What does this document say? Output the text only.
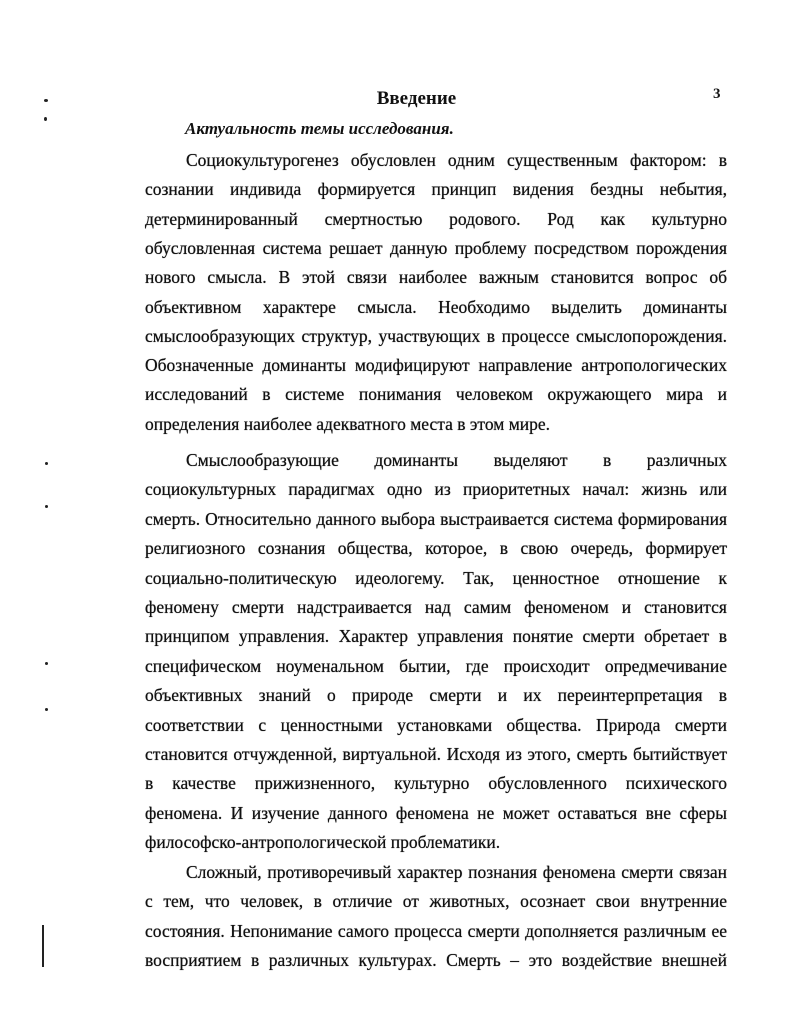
3
Введение
Актуальность темы исследования.
Социокультурогенез обусловлен одним существенным фактором: в
сознании индивида формируется принцип видения бездны небытия,
детерминированный смертностью родового. Род как культурно
обусловленная система решает данную проблему посредством порождения
нового смысла. В этой связи наиболее важным становится вопрос об
объективном характере смысла. Необходимо выделить доминанты
смыслообразующих структур, участвующих в процессе смыслопорождения.
Обозначенные доминанты модифицируют направление антропологических
исследований в системе понимания человеком окружающего мира и
определения наиболее адекватного места в этом мире.
Смыслообразующие доминанты выделяют в различных
социокультурных парадигмах одно из приоритетных начал: жизнь или
смерть. Относительно данного выбора выстраивается система формирования
религиозного сознания общества, которое, в свою очередь, формирует
социально-политическую идеологему. Так, ценностное отношение к
феномену смерти надстраивается над самим феноменом и становится
принципом управления. Характер управления понятие смерти обретает в
специфическом ноуменальном бытии, где происходит опредмечивание
объективных знаний о природе смерти и их переинтерпретация в
соответствии с ценностными установками общества. Природа смерти
становится отчужденной, виртуальной. Исходя из этого, смерть бытийствует
в качестве прижизненного, культурно обусловленного психического
феномена. И изучение данного феномена не может оставаться вне сферы
философско-антропологической проблематики.
Сложный, противоречивый характер познания феномена смерти связан
с тем, что человек, в отличие от животных, осознает свои внутренние
состояния. Непонимание самого процесса смерти дополняется различным ее
восприятием в различных культурах. Смерть – это воздействие внешней
